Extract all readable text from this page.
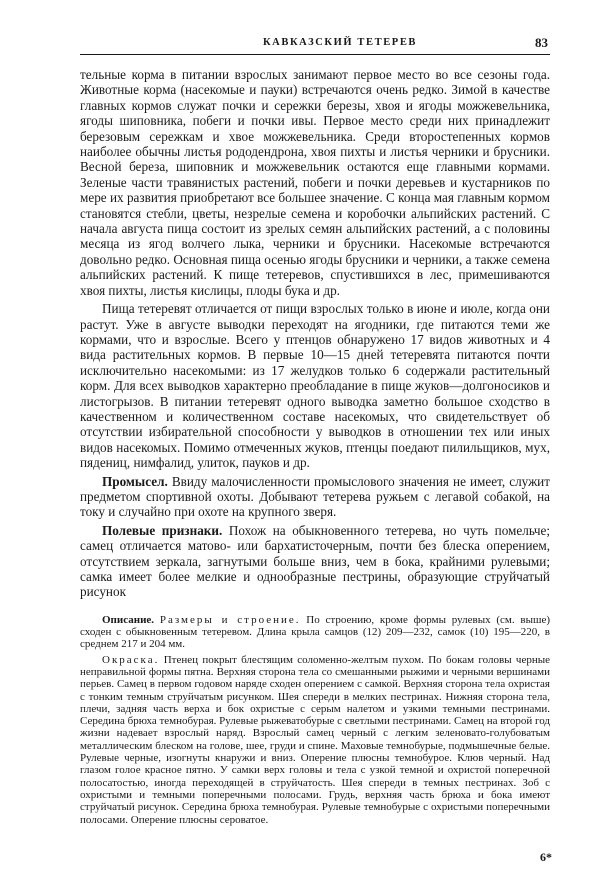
КАВКАЗСКИЙ ТЕТЕРЕВ	83

тельные корма в питании взрослых занимают первое место во все сезоны года. Животные корма (насекомые и пауки) встречаются очень редко. Зимой в качестве главных кормов служат почки и сережки березы, хвоя и ягоды можжевельника, ягоды шиповника, побеги и почки ивы. Первое место среди них принадлежит березовым сережкам и хвое можжевельника. Среди второстепенных кормов наиболее обычны листья рододендрона, хвоя пихты и листья черники и брусники. Весной береза, шиповник и можжевельник остаются еще главными кормами. Зеленые части травянистых растений, побеги и почки деревьев и кустарников по мере их развития приобретают все большее значение. С конца мая главным кормом становятся стебли, цветы, незрелые семена и коробочки альпийских растений. С начала августа пища состоит из зрелых семян альпийских растений, а с половины месяца из ягод волчего лыка, черники и брусники. Насекомые встречаются довольно редко. Основная пища осенью ягоды брусники и черники, а также семена альпийских растений. К пище тетеревов, спустившихся в лес, примешиваются хвоя пихты, листья кислицы, плоды бука и др.

Пища тетеревят отличается от пищи взрослых только в июне и июле, когда они растут. Уже в августе выводки переходят на ягодники, где питаются теми же кормами, что и взрослые. Всего у птенцов обнаружено 17 видов животных и 4 вида растительных кормов. В первые 10—15 дней тетеревята питаются почти исключительно насекомыми: из 17 желудков только 6 содержали растительный корм. Для всех выводков характерно преобладание в пище жуков—долгоносиков и листогрызов. В питании тетеревят одного выводка заметно большое сходство в качественном и количественном составе насекомых, что свидетельствует об отсутствии избирательной способности у выводков в отношении тех или иных видов насекомых. Помимо отмеченных жуков, птенцы поедают пилильщиков, мух, пядениц, нимфалид, улиток, пауков и др.

Промысел. Ввиду малочисленности промыслового значения не имеет, служит предметом спортивной охоты. Добывают тетерева ружьем с легавой собакой, на току и случайно при охоте на крупного зверя.

Полевые признаки. Похож на обыкновенного тетерева, но чуть помельче; самец отличается матово- или бархатисточерным, почти без блеска оперением, отсутствием зеркала, загнутыми больше вниз, чем в бока, крайними рулевыми; самка имеет более мелкие и однообразные пестрины, образующие струйчатый рисунок

Описание. Размеры и строение. По строению, кроме формы рулевых (см. выше) сходен с обыкновенным тетеревом. Длина крыла самцов (12) 209—232, самок (10) 195—220, в среднем 217 и 204 мм.

Окраска. Птенец покрыт блестящим соломенно-желтым пухом. По бокам головы черные неправильной формы пятна. Верхняя сторона тела со смешанными рыжими и черными вершинами перьев. Самец в первом годовом наряде сходен оперением с самкой. Верхняя сторона тела охристая с тонким темным струйчатым рисунком. Шея спереди в мелких пестринах. Нижняя сторона тела, плечи, задняя часть верха и бок охристые с серым налетом и узкими темными пестринами. Середина брюха темнобурая. Рулевые рыжеватобурые с светлыми пестринами. Самец на второй год жизни надевает взрослый наряд. Взрослый самец черный с легким зеленовато-голубоватым металлическим блеском на голове, шее, груди и спине. Маховые темнобурые, подмышечные белые. Рулевые черные, изогнуты кнаружи и вниз. Оперение плюсны темнобурое. Клюв черный. Над глазом голое красное пятно. У самки верх головы и тела с узкой темной и охристой поперечной полосатостью, иногда переходящей в струйчатость. Шея спереди в темных пестринах. Зоб с охристыми и темными поперечными полосами. Грудь, верхняя часть брюха и бока имеют струйчатый рисунок. Середина брюха темнобурая. Рулевые темнобурые с охристыми поперечными полосами. Оперение плюсны сероватое.

6*
